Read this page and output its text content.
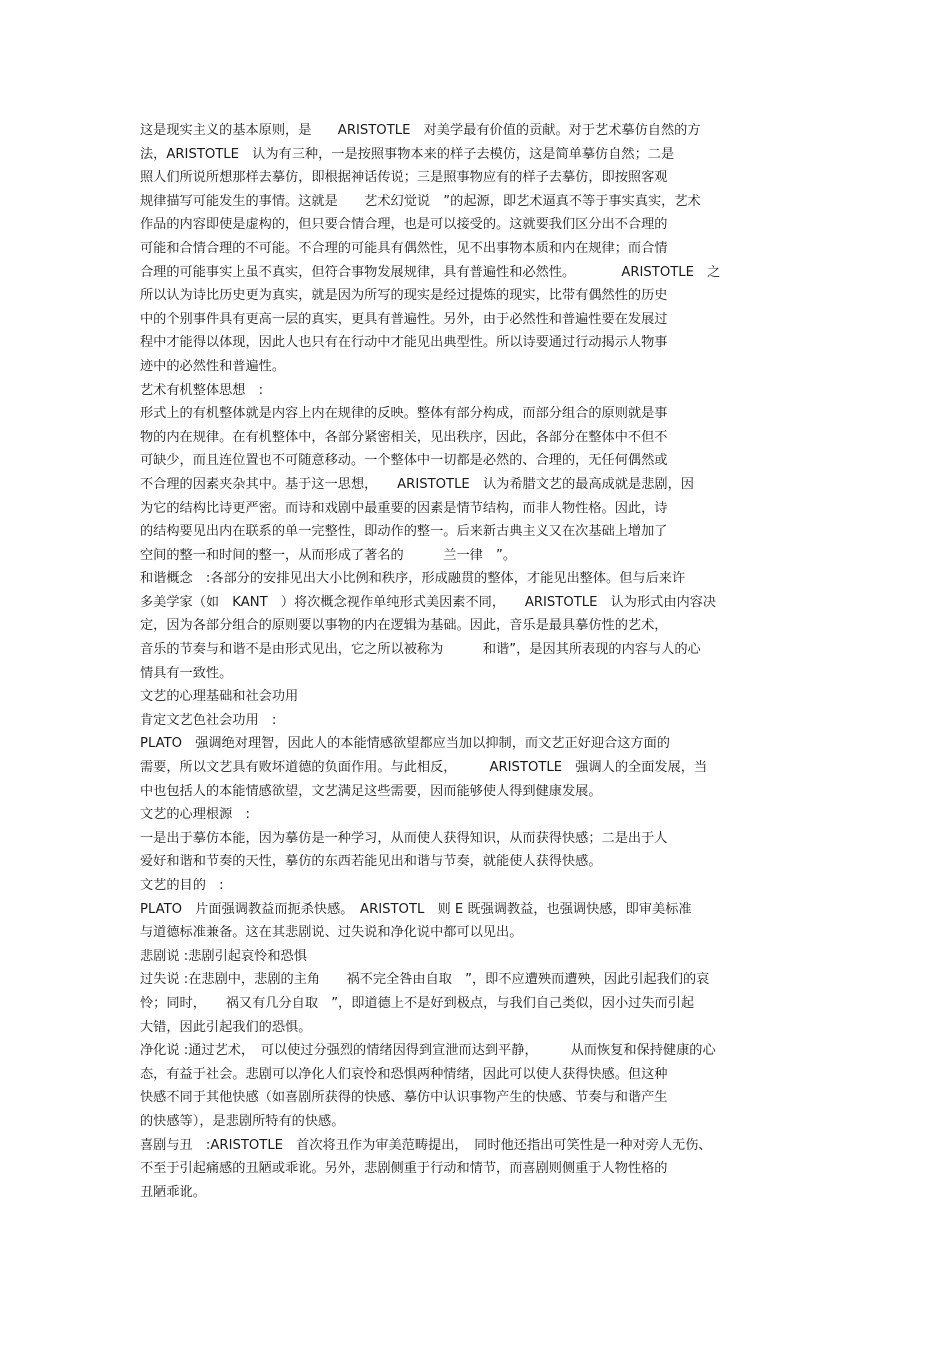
这是现实主义的基本原则，是　　ARISTOTLE　对美学最有价值的贡献。对于艺术摹仿自然的方
法，ARISTOTLE　认为有三种，一是按照事物本来的样子去模仿，这是简单摹仿自然；二是
照人们所说所想那样去摹仿，即根据神话传说；三是照事物应有的样子去摹仿，即按照客观
规律描写可能发生的事情。这就是　　艺术幻觉说　”的起源，即艺术逼真不等于事实真实，艺术
作品的内容即使是虚构的，但只要合情合理，也是可以接受的。这就要我们区分出不合理的
可能和合情合理的不可能。不合理的可能具有偶然性，见不出事物本质和内在规律；而合情
合理的可能事实上虽不真实，但符合事物发展规律，具有普遍性和必然性。　　　　ARISTOTLE　之
所以认为诗比历史更为真实，就是因为所写的现实是经过提炼的现实，比带有偶然性的历史
中的个别事件具有更高一层的真实，更具有普遍性。另外，由于必然性和普遍性要在发展过
程中才能得以体现，因此人也只有在行动中才能见出典型性。所以诗要通过行动揭示人物事
迹中的必然性和普遍性。
艺术有机整体思想　:
形式上的有机整体就是内容上内在规律的反映。整体有部分构成，而部分组合的原则就是事
物的内在规律。在有机整体中，各部分紧密相关，见出秩序，因此，各部分在整体中不但不
可缺少，而且连位置也不可随意移动。一个整体中一切都是必然的、合理的，无任何偶然或
不合理的因素夹杂其中。基于这一思想，　　ARISTOTLE　认为希腊文艺的最高成就是悲剧，因
为它的结构比诗更严密。而诗和戏剧中最重要的因素是情节结构，而非人物性格。因此，诗
的结构要见出内在联系的单一完整性，即动作的整一。后来新古典主义又在次基础上增加了
空间的整一和时间的整一，从而形成了著名的　　　兰一律　”。
和谐概念　:各部分的安排见出大小比例和秩序，形成融贯的整体，才能见出整体。但与后来许
多美学家（如　KANT　）将次概念视作单纯形式美因素不同，　　ARISTOTLE　认为形式由内容决
定，因为各部分组合的原则要以事物的内在逻辑为基础。因此，音乐是最具摹仿性的艺术，
音乐的节奏与和谐不是由形式见出，它之所以被称为　　　和谐”，是因其所表现的内容与人的心
情具有一致性。
文艺的心理基础和社会功用
肯定文艺色社会功用　:
PLATO　强调绝对理智，因此人的本能情感欲望都应当加以抑制，而文艺正好迎合这方面的
需要，所以文艺具有败坏道德的负面作用。与此相反，　　　ARISTOTLE　强调人的全面发展，当
中也包括人的本能情感欲望，文艺满足这些需要，因而能够使人得到健康发展。
文艺的心理根源　:
一是出于摹仿本能，因为摹仿是一种学习，从而使人获得知识，从而获得快感；二是出于人
爱好和谐和节奏的天性，摹仿的东西若能见出和谐与节奏，就能使人获得快感。
文艺的目的　:
PLATO　片面强调教益而扼杀快感。　ARISTOTL　则 E 既强调教益，也强调快感，即审美标准
与道德标准兼备。这在其悲剧说、过失说和净化说中都可以见出。
悲剧说 :悲剧引起哀怜和恐惧
过失说 :在悲剧中，悲剧的主角　　祸不完全咎由自取　”，即不应遭殃而遭殃，因此引起我们的哀
怜；同时，　　祸又有几分自取　”，即道德上不是好到极点，与我们自己类似，因小过失而引起
大错，因此引起我们的恐惧。
净化说 :通过艺术，　可以使过分强烈的情绪因得到宣泄而达到平静，　　　从而恢复和保持健康的心
态，有益于社会。悲剧可以净化人们哀怜和恐惧两种情绪，因此可以使人获得快感。但这种
快感不同于其他快感（如喜剧所获得的快感、摹仿中认识事物产生的快感、节奏与和谐产生
的快感等），是悲剧所特有的快感。
喜剧与丑　:ARISTOTLE　首次将丑作为审美范畴提出，　同时他还指出可笑性是一种对旁人无伤、
不至于引起痛感的丑陋或乖讹。另外，悲剧侧重于行动和情节，而喜剧则侧重于人物性格的
丑陋乖讹。
